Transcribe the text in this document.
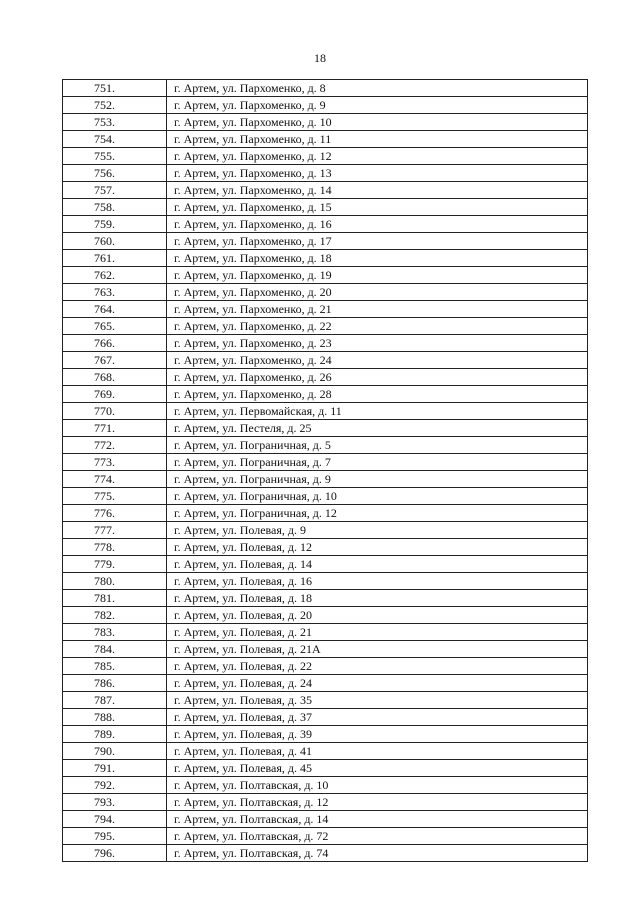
18
751.	г. Артем, ул. Пархоменко, д. 8
752.	г. Артем, ул. Пархоменко, д. 9
753.	г. Артем, ул. Пархоменко, д. 10
754.	г. Артем, ул. Пархоменко, д. 11
755.	г. Артем, ул. Пархоменко, д. 12
756.	г. Артем, ул. Пархоменко, д. 13
757.	г. Артем, ул. Пархоменко, д. 14
758.	г. Артем, ул. Пархоменко, д. 15
759.	г. Артем, ул. Пархоменко, д. 16
760.	г. Артем, ул. Пархоменко, д. 17
761.	г. Артем, ул. Пархоменко, д. 18
762.	г. Артем, ул. Пархоменко, д. 19
763.	г. Артем, ул. Пархоменко, д. 20
764.	г. Артем, ул. Пархоменко, д. 21
765.	г. Артем, ул. Пархоменко, д. 22
766.	г. Артем, ул. Пархоменко, д. 23
767.	г. Артем, ул. Пархоменко, д. 24
768.	г. Артем, ул. Пархоменко, д. 26
769.	г. Артем, ул. Пархоменко, д. 28
770.	г. Артем, ул. Первомайская, д. 11
771.	г. Артем, ул. Пестеля, д. 25
772.	г. Артем, ул. Пограничная, д. 5
773.	г. Артем, ул. Пограничная, д. 7
774.	г. Артем, ул. Пограничная, д. 9
775.	г. Артем, ул. Пограничная, д. 10
776.	г. Артем, ул. Пограничная, д. 12
777.	г. Артем, ул. Полевая, д. 9
778.	г. Артем, ул. Полевая, д. 12
779.	г. Артем, ул. Полевая, д. 14
780.	г. Артем, ул. Полевая, д. 16
781.	г. Артем, ул. Полевая, д. 18
782.	г. Артем, ул. Полевая, д. 20
783.	г. Артем, ул. Полевая, д. 21
784.	г. Артем, ул. Полевая, д. 21А
785.	г. Артем, ул. Полевая, д. 22
786.	г. Артем, ул. Полевая, д. 24
787.	г. Артем, ул. Полевая, д. 35
788.	г. Артем, ул. Полевая, д. 37
789.	г. Артем, ул. Полевая, д. 39
790.	г. Артем, ул. Полевая, д. 41
791.	г. Артем, ул. Полевая, д. 45
792.	г. Артем, ул. Полтавская, д. 10
793.	г. Артем, ул. Полтавская, д. 12
794.	г. Артем, ул. Полтавская, д. 14
795.	г. Артем, ул. Полтавская, д. 72
796.	г. Артем, ул. Полтавская, д. 74
